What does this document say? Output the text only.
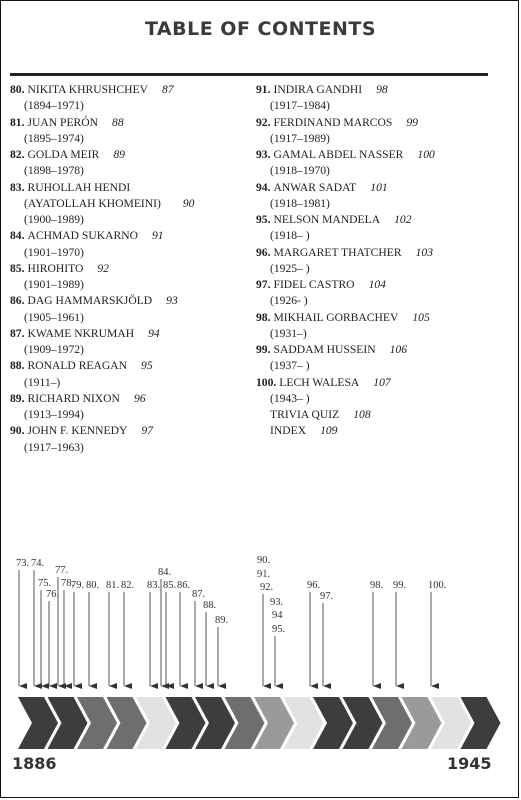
TABLE OF CONTENTS
80. NIKITA KHRUSHCHEV 87
(1894–1971)
81. JUAN PERÓN 88
(1895–1974)
82. GOLDA MEIR 89
(1898–1978)
83. RUHOLLAH HENDI
(AYATOLLAH KHOMEINI) 90
(1900–1989)
84. ACHMAD SUKARNO 91
(1901–1970)
85. HIROHITO 92
(1901–1989)
86. DAG HAMMARSKJÖLD 93
(1905–1961)
87. KWAME NKRUMAH 94
(1909–1972)
88. RONALD REAGAN 95
(1911–)
89. RICHARD NIXON 96
(1913–1994)
90. JOHN F. KENNEDY 97
(1917–1963)
91. INDIRA GANDHI 98
(1917–1984)
92. FERDINAND MARCOS 99
(1917–1989)
93. GAMAL ABDEL NASSER 100
(1918–1970)
94. ANWAR SADAT 101
(1918–1981)
95. NELSON MANDELA 102
(1918– )
96. MARGARET THATCHER 103
(1925– )
97. FIDEL CASTRO 104
(1926- )
98. MIKHAIL GORBACHEV 105
(1931–)
99. SADDAM HUSSEIN 106
(1937– )
100. LECH WALESA 107
(1943– )
TRIVIA QUIZ 108
INDEX 109
73. 74.
75.
76.
77.
78.
79. 80. 81. 82. 83.
84.
85. 86.
87.
88.
89.
90.
91.
92.
93.
94
95.
96.
97.
98. 99. 100.
1886	1945
